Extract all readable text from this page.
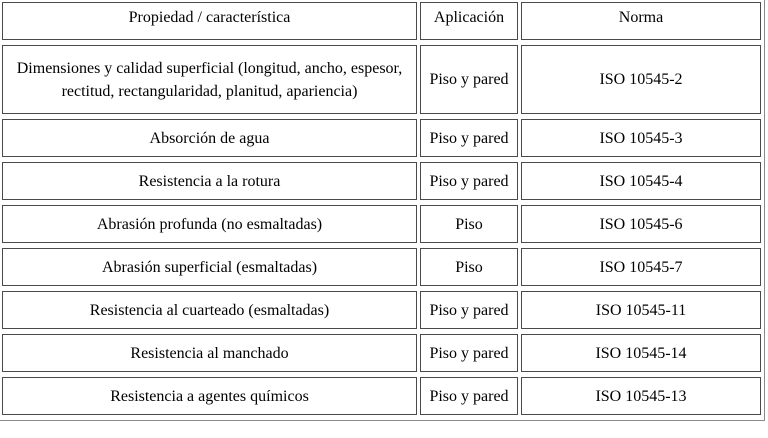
Propiedad / característica	Aplicación	Norma
Dimensiones y calidad superficial (longitud, ancho, espesor, rectitud, rectangularidad, planitud, apariencia)	Piso y pared	ISO 10545-2
Absorción de agua	Piso y pared	ISO 10545-3
Resistencia a la rotura	Piso y pared	ISO 10545-4
Abrasión profunda (no esmaltadas)	Piso	ISO 10545-6
Abrasión superficial (esmaltadas)	Piso	ISO 10545-7
Resistencia al cuarteado (esmaltadas)	Piso y pared	ISO 10545-11
Resistencia al manchado	Piso y pared	ISO 10545-14
Resistencia a agentes químicos	Piso y pared	ISO 10545-13
